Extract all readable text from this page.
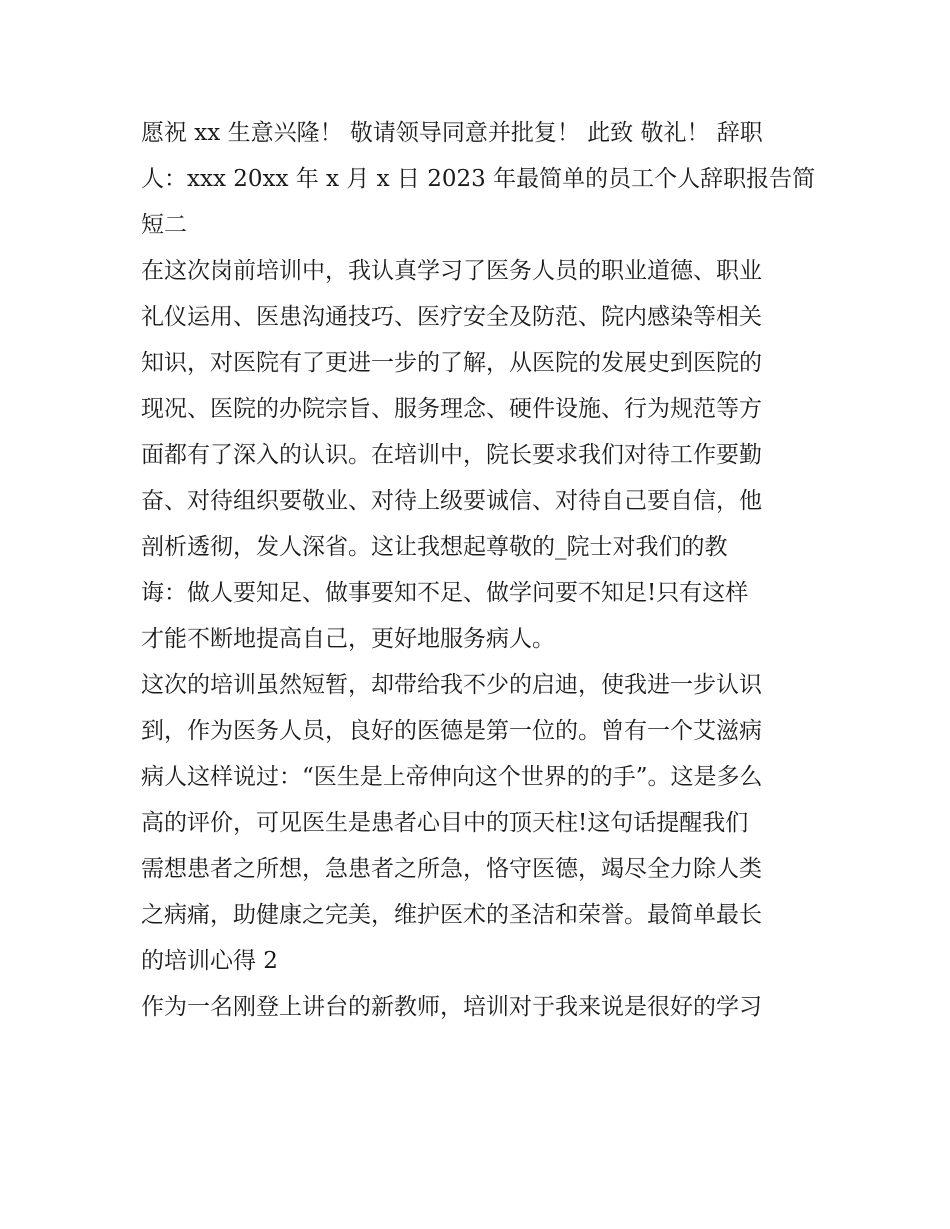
愿祝 xx 生意兴隆！ 敬请领导同意并批复！ 此致 敬礼！ 辞职
人：xxx 20xx 年 x 月 x 日 2023 年最简单的员工个人辞职报告简
短二
在这次岗前培训中，我认真学习了医务人员的职业道德、职业
礼仪运用、医患沟通技巧、医疗安全及防范、院内感染等相关
知识，对医院有了更进一步的了解，从医院的发展史到医院的
现况、医院的办院宗旨、服务理念、硬件设施、行为规范等方
面都有了深入的认识。在培训中，院长要求我们对待工作要勤
奋、对待组织要敬业、对待上级要诚信、对待自己要自信，他
剖析透彻，发人深省。这让我想起尊敬的_院士对我们的教
诲：做人要知足、做事要知不足、做学问要不知足!只有这样
才能不断地提高自己，更好地服务病人。
这次的培训虽然短暂，却带给我不少的启迪，使我进一步认识
到，作为医务人员，良好的医德是第一位的。曾有一个艾滋病
病人这样说过：“医生是上帝伸向这个世界的的手”。这是多么
高的评价，可见医生是患者心目中的顶天柱!这句话提醒我们
需想患者之所想，急患者之所急，恪守医德，竭尽全力除人类
之病痛，助健康之完美，维护医术的圣洁和荣誉。最简单最长
的培训心得 2
作为一名刚登上讲台的新教师，培训对于我来说是很好的学习
